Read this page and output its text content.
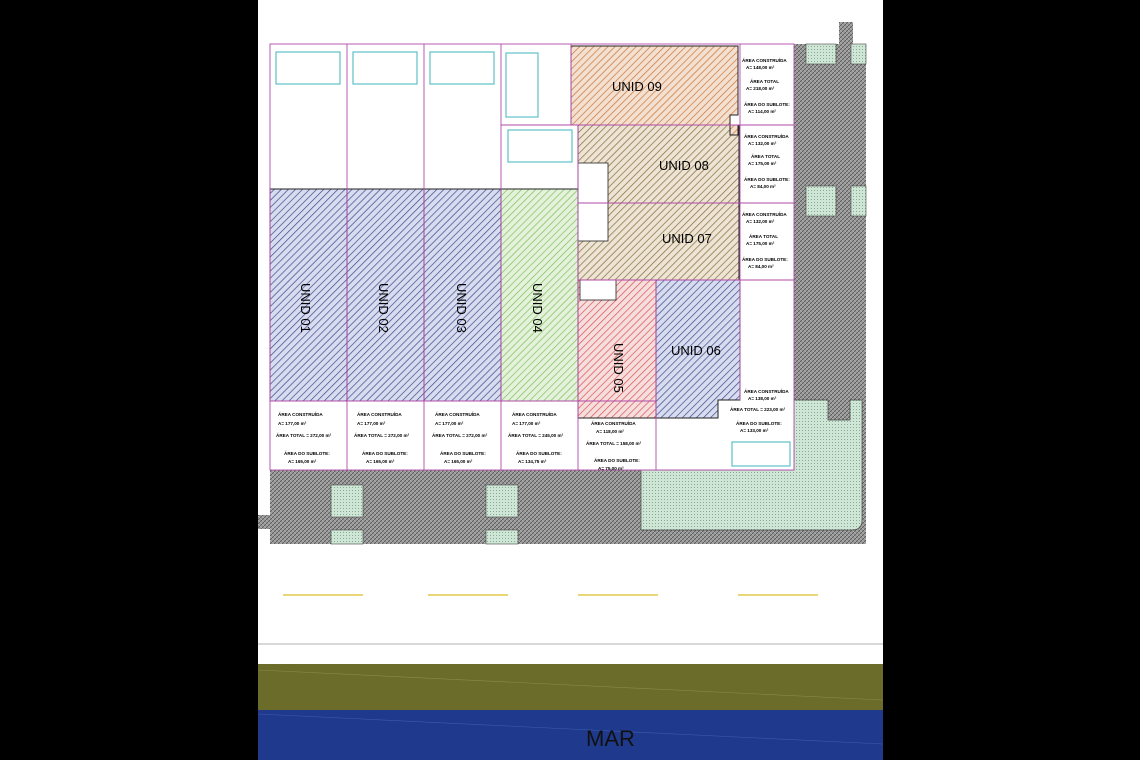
UNID 01	UNID 02	UNID 03	UNID 04
UNID 05	UNID 06
UNID 07
UNID 08
UNID 09
ÁREA CONSTRUÍDA
A= 177,00 m²
ÁREA TOTAL = 272,00 m²
ÁREA DO SUBLOTE:
A= 165,00 m²
ÁREA CONSTRUÍDA
A= 177,00 m²
ÁREA TOTAL = 272,00 m²
ÁREA DO SUBLOTE:
A= 165,00 m²
ÁREA CONSTRUÍDA
A= 177,00 m²
ÁREA TOTAL = 272,00 m²
ÁREA DO SUBLOTE:
A= 165,00 m²
ÁREA CONSTRUÍDA
A= 177,00 m²
ÁREA TOTAL = 245,00 m²
ÁREA DO SUBLOTE:
A= 134,75 m²
ÁREA CONSTRUÍDA
A= 118,00 m²
ÁREA TOTAL = 158,00 m²
ÁREA DO SUBLOTE:
A= 75,00 m²
ÁREA CONSTRUÍDA
A= 138,00 m²
ÁREA TOTAL = 223,00 m²
ÁREA DO SUBLOTE:
A= 133,00 m²
ÁREA CONSTRUÍDA
A= 132,00 m²
ÁREA TOTAL
A= 175,00 m²
ÁREA DO SUBLOTE:
A= 84,00 m²
ÁREA CONSTRUÍDA
A= 132,00 m²
ÁREA TOTAL
A= 175,00 m²
ÁREA DO SUBLOTE:
A= 84,00 m²
ÁREA CONSTRUÍDA
A= 148,00 m²
ÁREA TOTAL
A= 218,00 m²
ÁREA DO SUBLOTE:
A= 114,00 m²
MAR
